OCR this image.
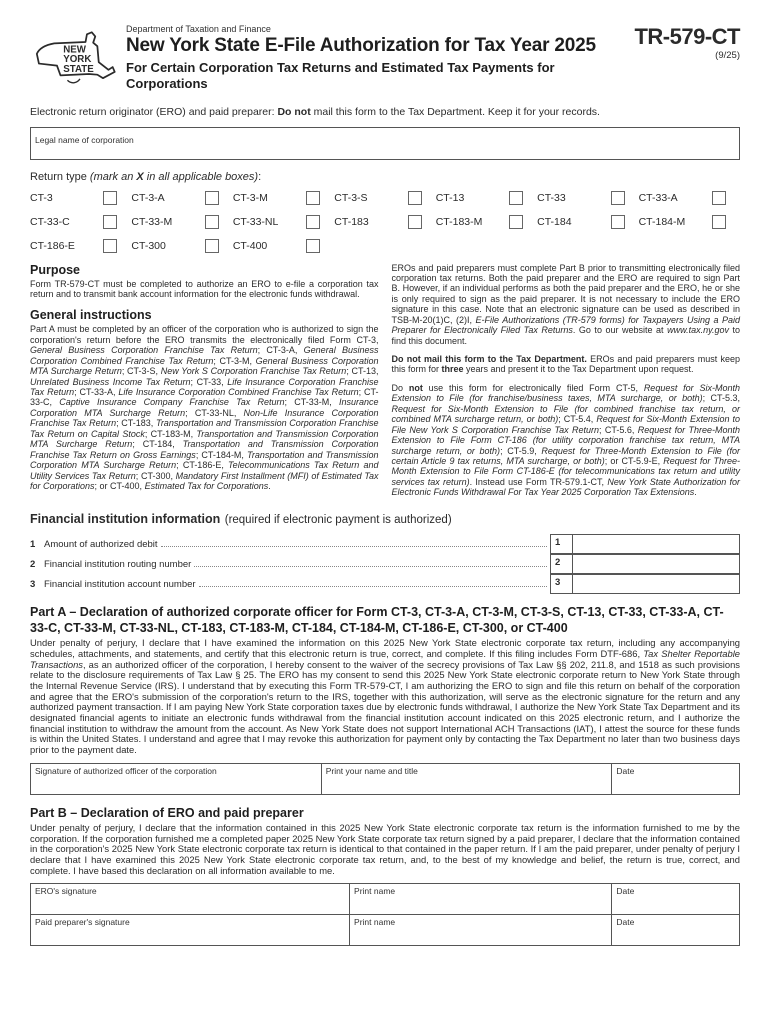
NEW
YORK
STATE
Department of Taxation and Finance
New York State E-File Authorization for Tax Year 2025
For Certain Corporation Tax Returns and Estimated Tax Payments for Corporations
TR-579-CT
(9/25)
Electronic return originator (ERO) and paid preparer: Do not mail this form to the Tax Department. Keep it for your records.
Legal name of corporation
Return type (mark an X in all applicable boxes):
CT-3	CT-3-A	CT-3-M	CT-3-S	CT-13	CT-33	CT-33-A
CT-33-C	CT-33-M	CT-33-NL	CT-183	CT-183-M	CT-184	CT-184-M
CT-186-E	CT-300	CT-400
Purpose

Form TR-579-CT must be completed to authorize an ERO to e-file a corporation tax return and to transmit bank account information for the electronic funds withdrawal.

General instructions

Part A must be completed by an officer of the corporation who is authorized to sign the corporation's return before the ERO transmits the electronically filed Form CT-3, General Business Corporation Franchise Tax Return; CT-3-A, General Business Corporation Combined Franchise Tax Return; CT-3-M, General Business Corporation MTA Surcharge Return; CT-3-S, New York S Corporation Franchise Tax Return; CT-13, Unrelated Business Income Tax Return; CT-33, Life Insurance Corporation Franchise Tax Return; CT-33-A, Life Insurance Corporation Combined Franchise Tax Return; CT-33-C, Captive Insurance Company Franchise Tax Return; CT-33-M, Insurance Corporation MTA Surcharge Return; CT-33-NL, Non-Life Insurance Corporation Franchise Tax Return; CT-183, Transportation and Transmission Corporation Franchise Tax Return on Capital Stock; CT-183-M, Transportation and Transmission Corporation MTA Surcharge Return; CT-184, Transportation and Transmission Corporation Franchise Tax Return on Gross Earnings; CT-184-M, Transportation and Transmission Corporation MTA Surcharge Return; CT-186-E, Telecommunications Tax Return and Utility Services Tax Return; CT-300, Mandatory First Installment (MFI) of Estimated Tax for Corporations; or CT-400, Estimated Tax for Corporations.

EROs and paid preparers must complete Part B prior to transmitting electronically filed corporation tax returns. Both the paid preparer and the ERO are required to sign Part B. However, if an individual performs as both the paid preparer and the ERO, he or she is only required to sign as the paid preparer. It is not necessary to include the ERO signature in this case. Note that an electronic signature can be used as described in TSB-M-20(1)C, (2)I, E-File Authorizations (TR-579 forms) for Taxpayers Using a Paid Preparer for Electronically Filed Tax Returns. Go to our website at www.tax.ny.gov to find this document.

Do not mail this form to the Tax Department. EROs and paid preparers must keep this form for three years and present it to the Tax Department upon request.

Do not use this form for electronically filed Form CT-5, Request for Six-Month Extension to File (for franchise/business taxes, MTA surcharge, or both); CT-5.3, Request for Six-Month Extension to File (for combined franchise tax return, or combined MTA surcharge return, or both); CT-5.4, Request for Six-Month Extension to File New York S Corporation Franchise Tax Return; CT-5.6, Request for Three-Month Extension to File Form CT-186 (for utility corporation franchise tax return, MTA surcharge return, or both); CT-5.9, Request for Three-Month Extension to File (for certain Article 9 tax returns, MTA surcharge, or both); or CT-5.9-E, Request for Three-Month Extension to File Form CT-186-E (for telecommunications tax return and utility services tax return). Instead use Form TR-579.1-CT, New York State Authorization for Electronic Funds Withdrawal For Tax Year 2025 Corporation Tax Extensions.

Financial institution information (required if electronic payment is authorized)
1 Amount of authorized debit	1
2 Financial institution routing number	2
3 Financial institution account number	3
Part A – Declaration of authorized corporate officer for Form CT-3, CT-3-A, CT-3-M, CT-3-S, CT-13, CT-33, CT-33-A, CT-33-C, CT-33-M, CT-33-NL, CT-183, CT-183-M, CT-184, CT-184-M, CT-186-E, CT-300, or CT-400
Under penalty of perjury, I declare that I have examined the information on this 2025 New York State electronic corporate tax return, including any accompanying schedules, attachments, and statements, and certify that this electronic return is true, correct, and complete. If this filing includes Form DTF-686, Tax Shelter Reportable Transactions, as an authorized officer of the corporation, I hereby consent to the waiver of the secrecy provisions of Tax Law §§ 202, 211.8, and 1518 as such provisions relate to the disclosure requirements of Tax Law § 25. The ERO has my consent to send this 2025 New York State electronic corporate return to New York State through the Internal Revenue Service (IRS). I understand that by executing this Form TR-579-CT, I am authorizing the ERO to sign and file this return on behalf of the corporation and agree that the ERO's submission of the corporation's return to the IRS, together with this authorization, will serve as the electronic signature for the return and any authorized payment transaction. If I am paying New York State corporation taxes due by electronic funds withdrawal, I authorize the New York State Tax Department and its designated financial agents to initiate an electronic funds withdrawal from the financial institution account indicated on this 2025 electronic return, and I authorize the financial institution to withdraw the amount from the account. As New York State does not support International ACH Transactions (IAT), I attest the source for these funds is within the United States. I understand and agree that I may revoke this authorization for payment only by contacting the Tax Department no later than two business days prior to the payment date.
Signature of authorized officer of the corporation	Print your name and title	Date
Part B – Declaration of ERO and paid preparer
Under penalty of perjury, I declare that the information contained in this 2025 New York State electronic corporate tax return is the information furnished to me by the corporation. If the corporation furnished me a completed paper 2025 New York State corporate tax return signed by a paid preparer, I declare that the information contained in the corporation's 2025 New York State electronic corporate tax return is identical to that contained in the paper return. If I am the paid preparer, under penalty of perjury I declare that I have examined this 2025 New York State electronic corporate tax return, and, to the best of my knowledge and belief, the return is true, correct, and complete. I have based this declaration on all information available to me.
ERO's signature	Print name	Date
Paid preparer's signature	Print name	Date
